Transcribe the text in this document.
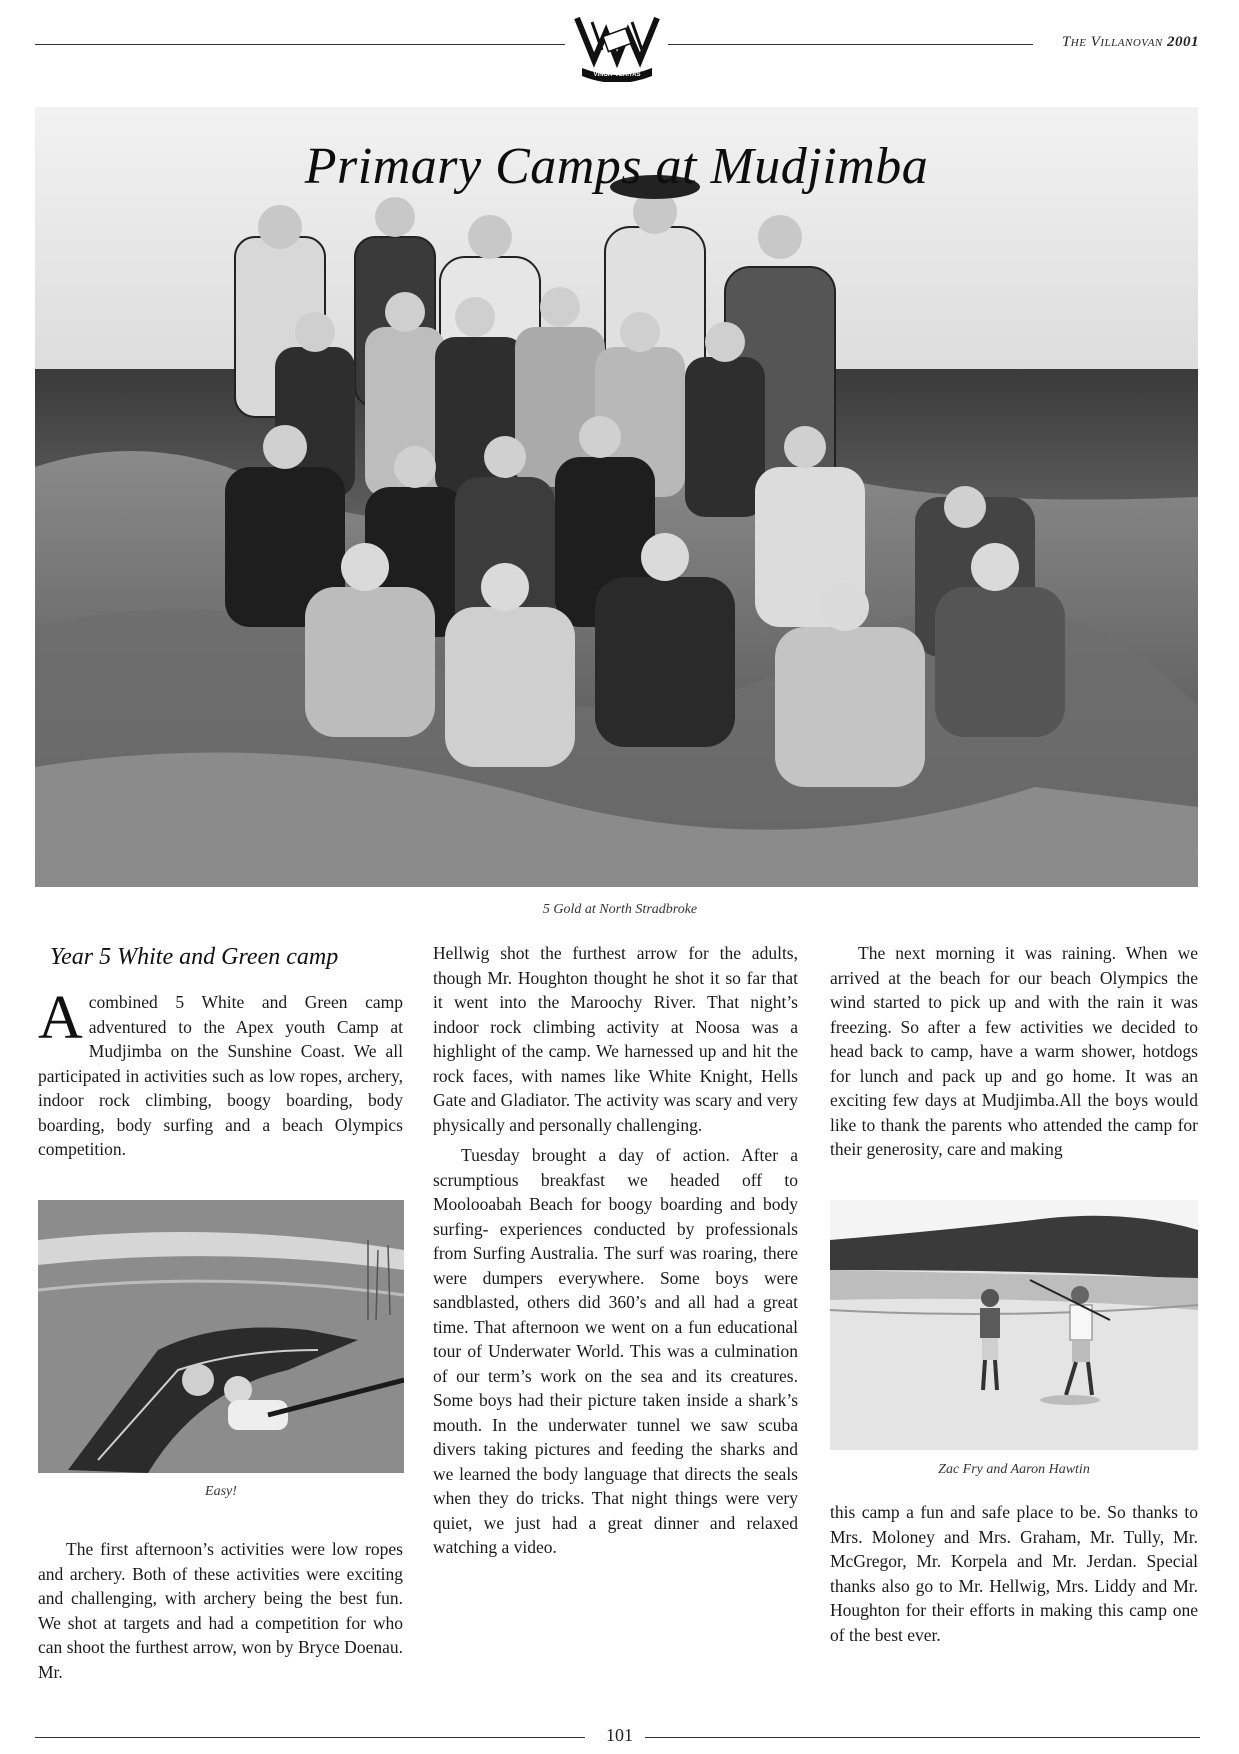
The Villanovan 2001
VINCIT VERITAS
Primary Camps at Mudjimba
5 Gold at North Stradbroke
Year 5 White and Green camp
Acombined 5 White and Green camp adventured to the Apex youth Camp at Mudjimba on the Sunshine Coast. We all participated in activities such as low ropes, archery, indoor rock climbing, boogy boarding, body boarding, body surfing and a beach Olympics competition.
Easy!

The first afternoon’s activities were low ropes and archery. Both of these activities were exciting and challenging, with archery being the best fun. We shot at targets and had a competition for who can shoot the furthest arrow, won by Bryce Doenau. Mr.

Hellwig shot the furthest arrow for the adults, though Mr. Houghton thought he shot it so far that it went into the Maroochy River. That night’s indoor rock climbing activity at Noosa was a highlight of the camp. We harnessed up and hit the rock faces, with names like White Knight, Hells Gate and Gladiator. The activity was scary and very physically and personally challenging.

Tuesday brought a day of action. After a scrumptious breakfast we headed off to Moolooabah Beach for boogy boarding and body surfing- experiences conducted by professionals from Surfing Australia. The surf was roaring, there were dumpers everywhere. Some boys were sandblasted, others did 360’s and all had a great time. That afternoon we went on a fun educational tour of Underwater World. This was a culmination of our term’s work on the sea and its creatures. Some boys had their picture taken inside a shark’s mouth. In the underwater tunnel we saw scuba divers taking pictures and feeding the sharks and we learned the body language that directs the seals when they do tricks. That night things were very quiet, we just had a great dinner and relaxed watching a video.

The next morning it was raining. When we arrived at the beach for our beach Olympics the wind started to pick up and with the rain it was freezing. So after a few activities we decided to head back to camp, have a warm shower, hotdogs for lunch and pack up and go home. It was an exciting few days at Mudjimba.All the boys would like to thank the parents who attended the camp for their generosity, care and making

Zac Fry and Aaron Hawtin

this camp a fun and safe place to be. So thanks to Mrs. Moloney and Mrs. Graham, Mr. Tully, Mr. McGregor, Mr. Korpela and Mr. Jerdan. Special thanks also go to Mr. Hellwig, Mrs. Liddy and Mr. Houghton for their efforts in making this camp one of the best ever.

101
